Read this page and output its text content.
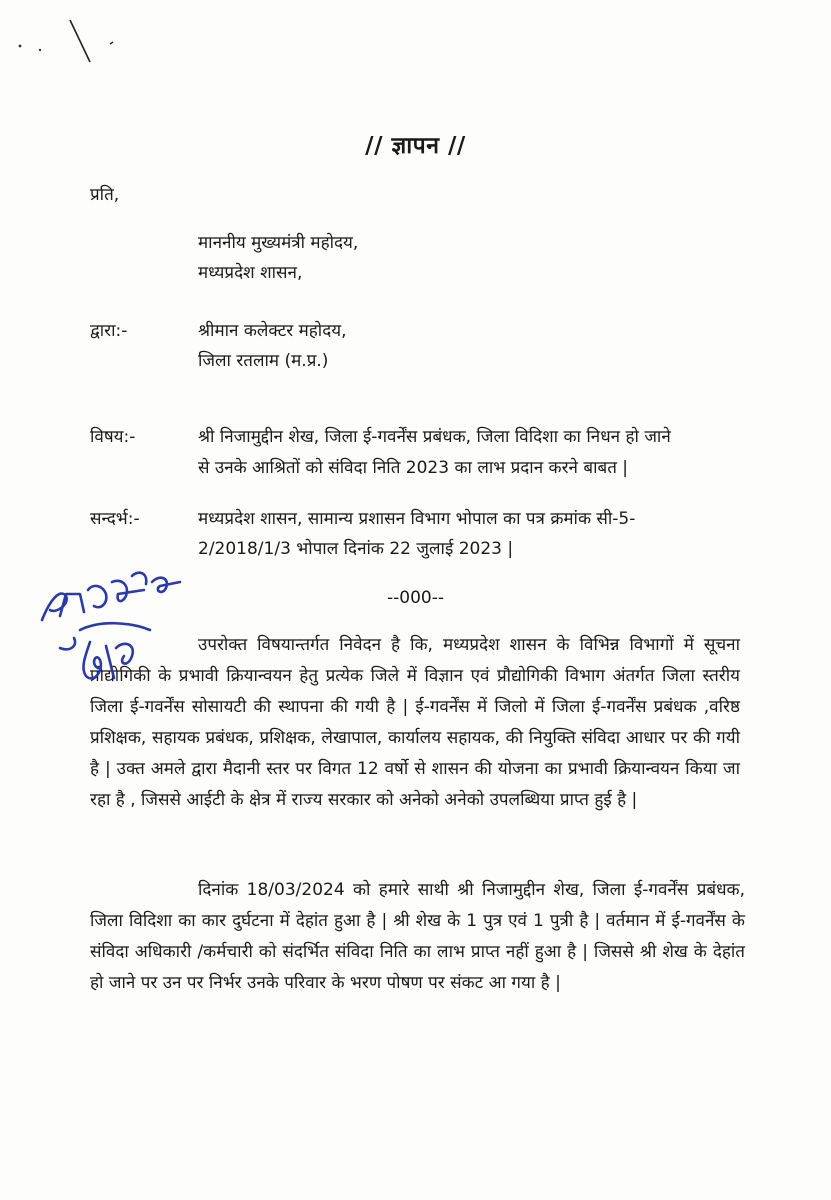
// ज्ञापन //
प्रति,
माननीय मुख्यमंत्री महोदय,
मध्यप्रदेश शासन,
द्वारा:-	श्रीमान कलेक्टर महोदय,
जिला रतलाम (म.प्र.)
विषय:-	श्री निजामुद्दीन शेख, जिला ई-गवर्नेंस प्रबंधक, जिला विदिशा का निधन हो जाने
से उनके आश्रितों को संविदा निति 2023 का लाभ प्रदान करने बाबत |
सन्दर्भ:-	मध्यप्रदेश शासन, सामान्य प्रशासन विभाग भोपाल का पत्र क्रमांक सी-5-
2/2018/1/3 भोपाल दिनांक 22 जुलाई 2023 |
--000--
उपरोक्त विषयान्तर्गत निवेदन है कि, मध्यप्रदेश शासन के विभिन्न विभागों में सूचना प्रौद्योगिकी के प्रभावी क्रियान्वयन हेतु प्रत्येक जिले में विज्ञान एवं प्रौद्योगिकी विभाग अंतर्गत जिला स्तरीय जिला ई-गवर्नेंस सोसायटी की स्थापना की गयी है | ई-गवर्नेंस में जिलो में जिला ई-गवर्नेंस प्रबंधक ,वरिष्ठ प्रशिक्षक, सहायक प्रबंधक, प्रशिक्षक, लेखापाल, कार्यालय सहायक, की नियुक्ति संविदा आधार पर की गयी है | उक्त अमले द्वारा मैदानी स्तर पर विगत 12 वर्षो से शासन की योजना का प्रभावी क्रियान्वयन किया जा रहा है , जिससे आईटी के क्षेत्र में राज्य सरकार को अनेको अनेको उपलब्धिया प्राप्त हुई है |
दिनांक 18/03/2024 को हमारे साथी श्री निजामुद्दीन शेख, जिला ई-गवर्नेंस प्रबंधक, जिला विदिशा का कार दुर्घटना में देहांत हुआ है | श्री शेख के 1 पुत्र एवं 1 पुत्री है | वर्तमान में ई-गवर्नेंस के संविदा अधिकारी /कर्मचारी को संदर्भित संविदा निति का लाभ प्राप्त नहीं हुआ है | जिससे श्री शेख के देहांत हो जाने पर उन पर निर्भर उनके परिवार के भरण पोषण पर संकट आ गया है |
